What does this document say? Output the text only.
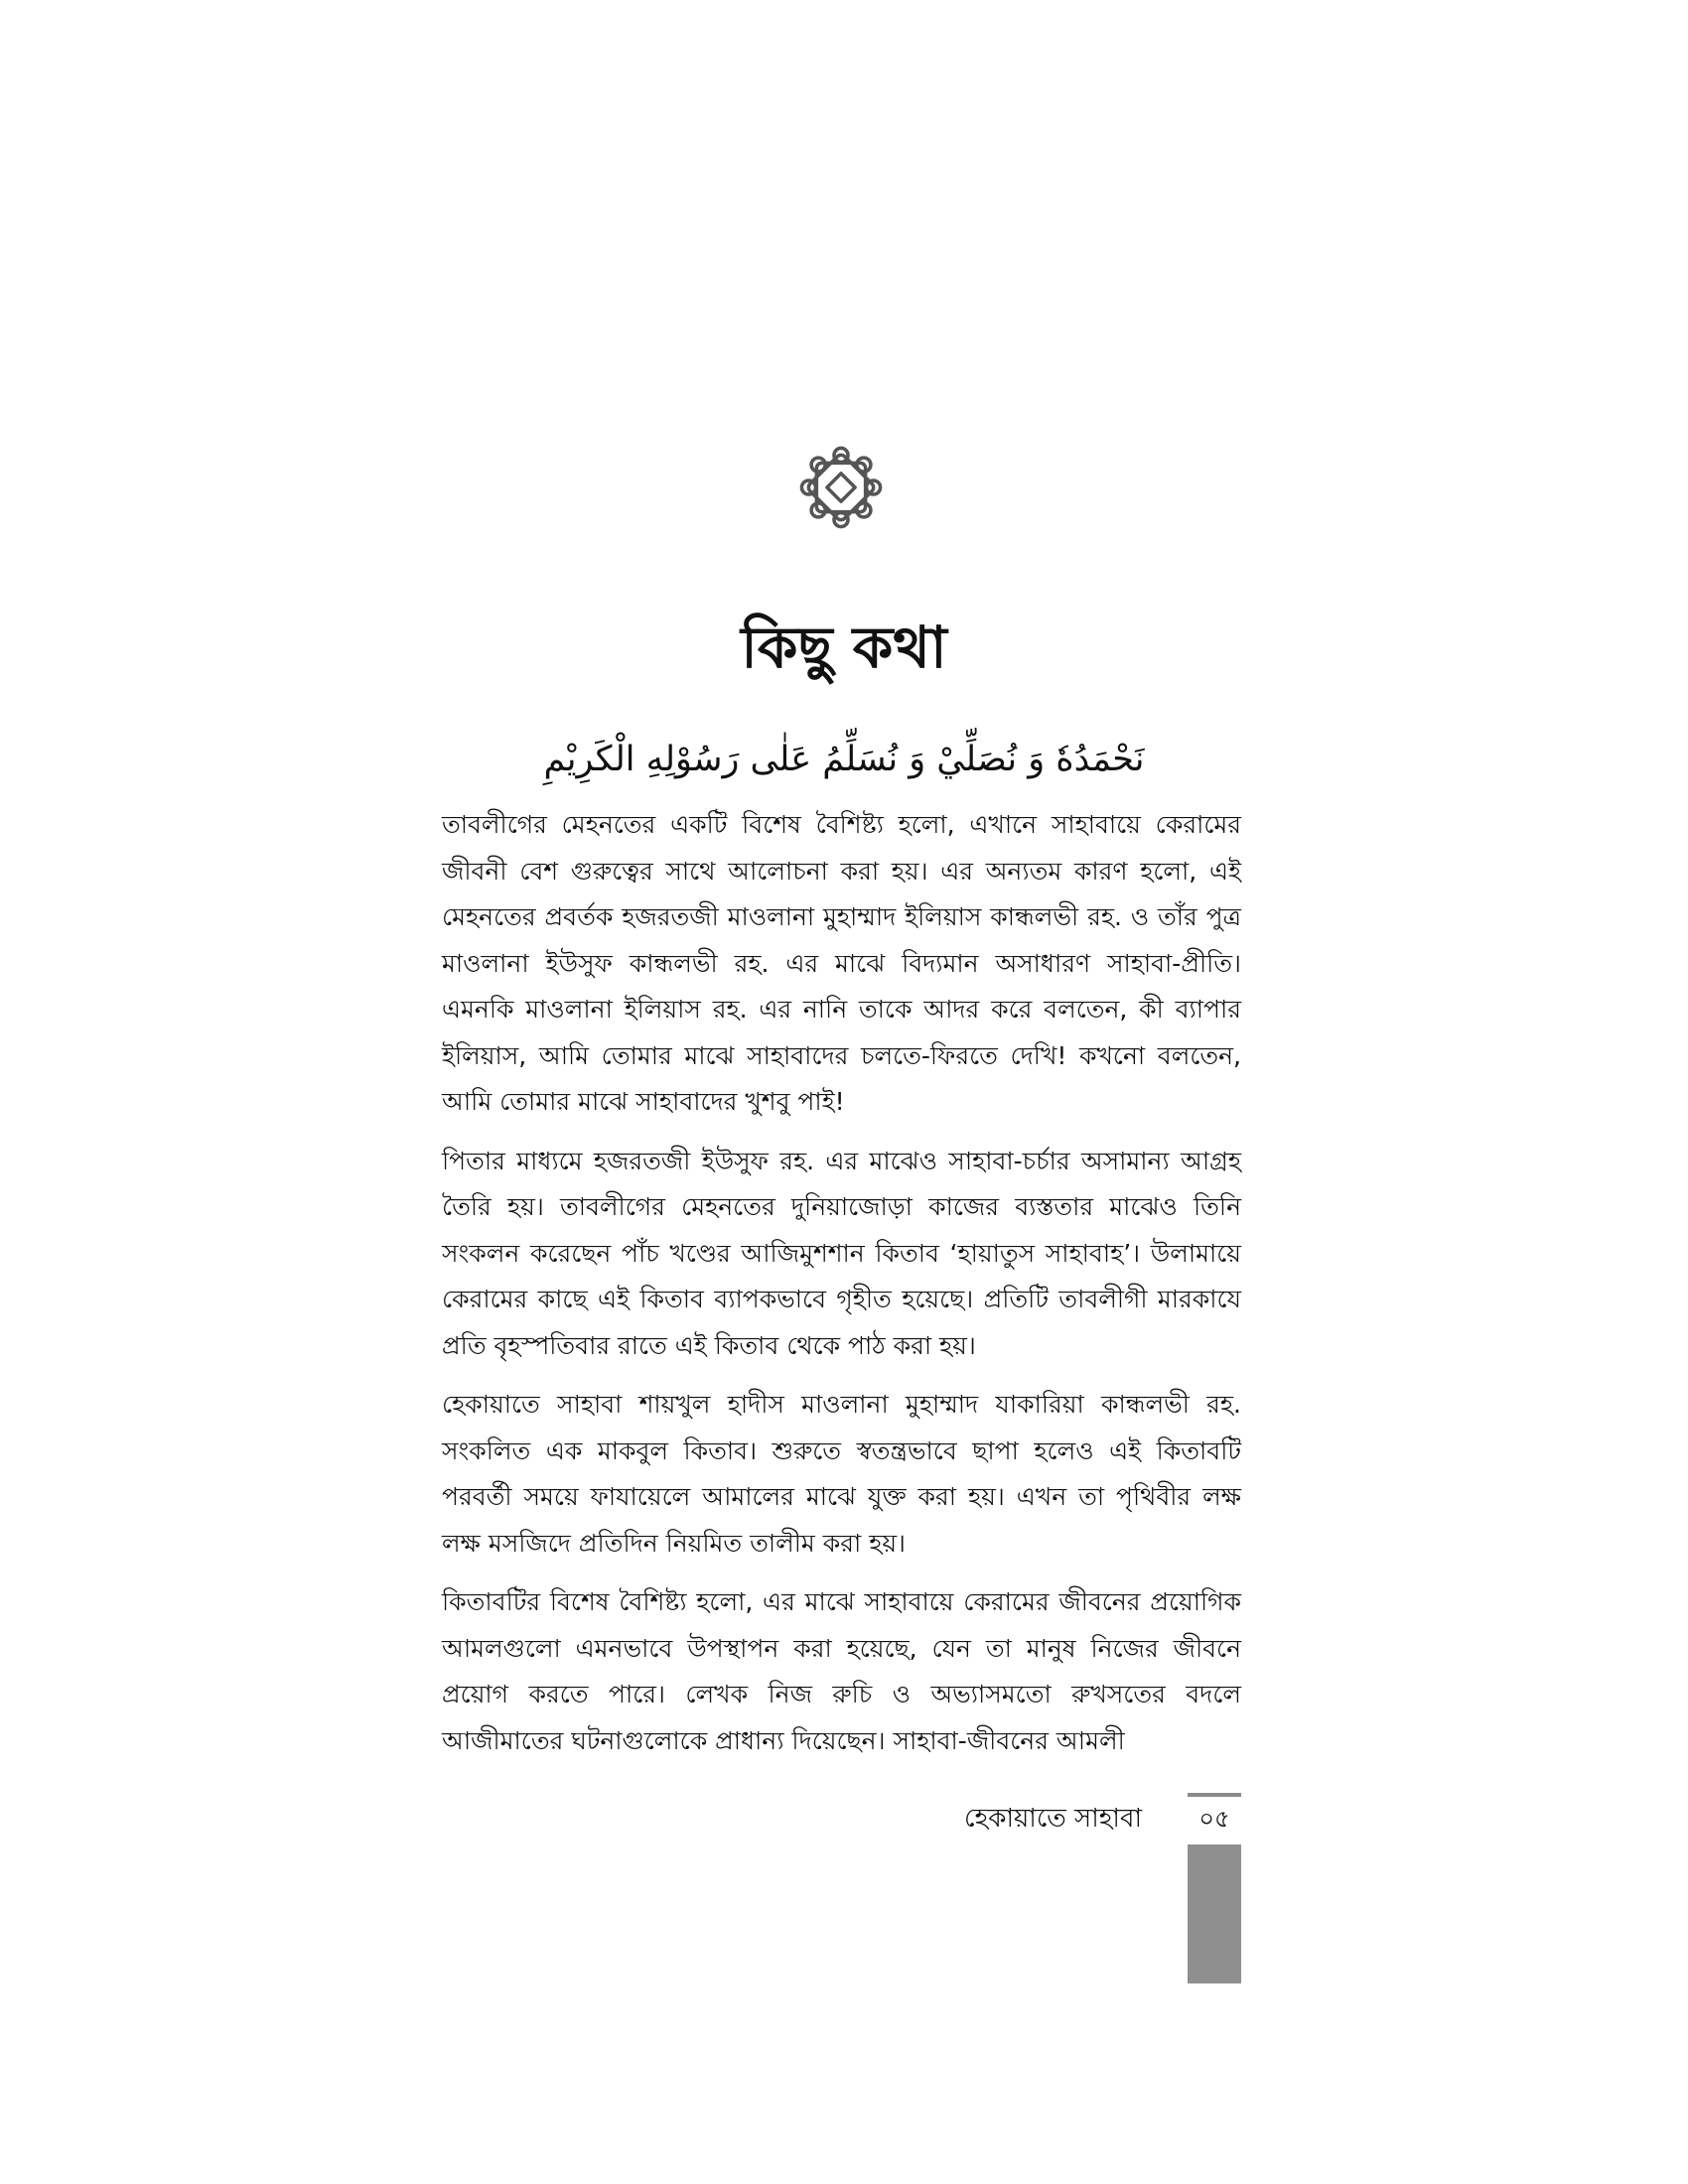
কিছু কথা
نَحْمَدُهٗ وَ نُصَلِّيْ وَ نُسَلِّمُ عَلٰى رَسُوْلِهِ الْكَرِيْمِ

তাবলীগের মেহনতের একটি বিশেষ বৈশিষ্ট্য হলো, এখানে সাহাবায়ে কেরামের জীবনী বেশ গুরুত্বের সাথে আলোচনা করা হয়। এর অন্যতম কারণ হলো, এই মেহনতের প্রবর্তক হজরতজী মাওলানা মুহাম্মাদ ইলিয়াস কান্ধলভী রহ. ও তাঁর পুত্র মাওলানা ইউসুফ কান্ধলভী রহ. এর মাঝে বিদ্যমান অসাধারণ সাহাবা-প্রীতি। এমনকি মাওলানা ইলিয়াস রহ. এর নানি তাকে আদর করে বলতেন, কী ব্যাপার ইলিয়াস, আমি তোমার মাঝে সাহাবাদের চলতে-ফিরতে দেখি! কখনো বলতেন, আমি তোমার মাঝে সাহাবাদের খুশবু পাই!

পিতার মাধ্যমে হজরতজী ইউসুফ রহ. এর মাঝেও সাহাবা-চর্চার অসামান্য আগ্রহ তৈরি হয়। তাবলীগের মেহনতের দুনিয়াজোড়া কাজের ব্যস্ততার মাঝেও তিনি সংকলন করেছেন পাঁচ খণ্ডের আজিমুশশান কিতাব ‘হায়াতুস সাহাবাহ’। উলামায়ে কেরামের কাছে এই কিতাব ব্যাপকভাবে গৃহীত হয়েছে। প্রতিটি তাবলীগী মারকাযে প্রতি বৃহস্পতিবার রাতে এই কিতাব থেকে পাঠ করা হয়।

হেকায়াতে সাহাবা শায়খুল হাদীস মাওলানা মুহাম্মাদ যাকারিয়া কান্ধলভী রহ. সংকলিত এক মাকবুল কিতাব। শুরুতে স্বতন্ত্রভাবে ছাপা হলেও এই কিতাবটি পরবর্তী সময়ে ফাযায়েলে আমালের মাঝে যুক্ত করা হয়। এখন তা পৃথিবীর লক্ষ লক্ষ মসজিদে প্রতিদিন নিয়মিত তালীম করা হয়।

কিতাবটির বিশেষ বৈশিষ্ট্য হলো, এর মাঝে সাহাবায়ে কেরামের জীবনের প্রয়োগিক আমলগুলো এমনভাবে উপস্থাপন করা হয়েছে, যেন তা মানুষ নিজের জীবনে প্রয়োগ করতে পারে। লেখক নিজ রুচি ও অভ্যাসমতো রুখসতের বদলে আজীমাতের ঘটনাগুলোকে প্রাধান্য দিয়েছেন। সাহাবা-জীবনের আমলী

হেকায়াতে সাহাবা	০৫
